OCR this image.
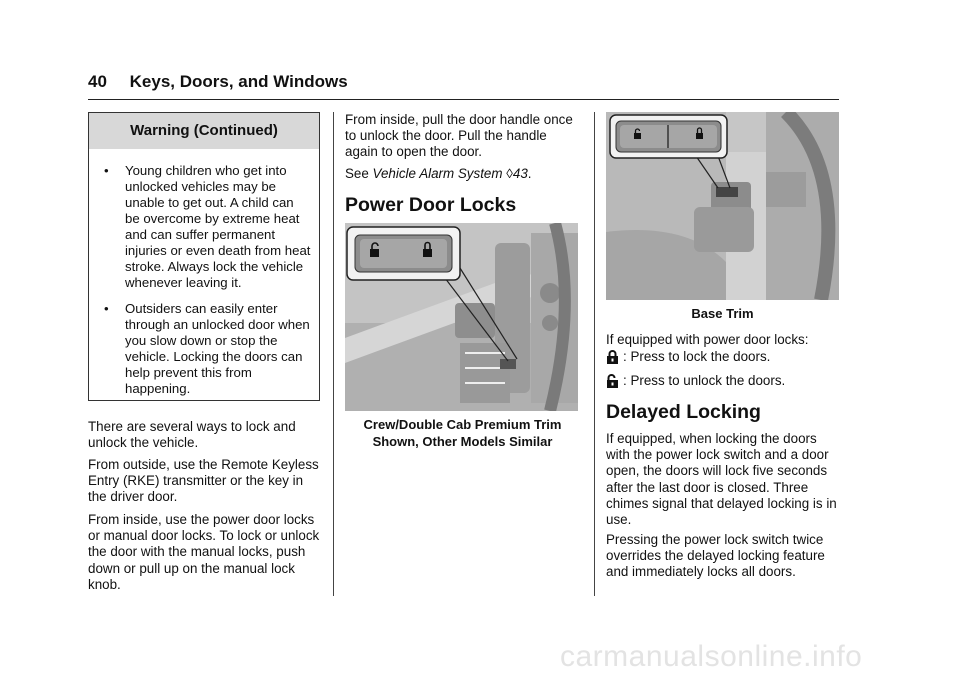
40 Keys, Doors, and Windows
Warning (Continued)
• Young children who get into unlocked vehicles may be unable to get out. A child can be overcome by extreme heat and can suffer permanent injuries or even death from heat stroke. Always lock the vehicle whenever leaving it.
• Outsiders can easily enter through an unlocked door when you slow down or stop the vehicle. Locking the doors can help prevent this from happening.
There are several ways to lock and unlock the vehicle.
From outside, use the Remote Keyless Entry (RKE) transmitter or the key in the driver door.
From inside, use the power door locks or manual door locks. To lock or unlock the door with the manual locks, push down or pull up on the manual lock knob.
From inside, pull the door handle once to unlock the door. Pull the handle again to open the door.
See Vehicle Alarm System ◊43.
Power Door Locks
Crew/Double Cab Premium Trim
Shown, Other Models Similar
Base Trim
If equipped with power door locks:
: Press to lock the doors.
: Press to unlock the doors.
Delayed Locking
If equipped, when locking the doors with the power lock switch and a door open, the doors will lock five seconds after the last door is closed. Three chimes signal that delayed locking is in use.
Pressing the power lock switch twice overrides the delayed locking feature and immediately locks all doors.
carmanualsonline.info
